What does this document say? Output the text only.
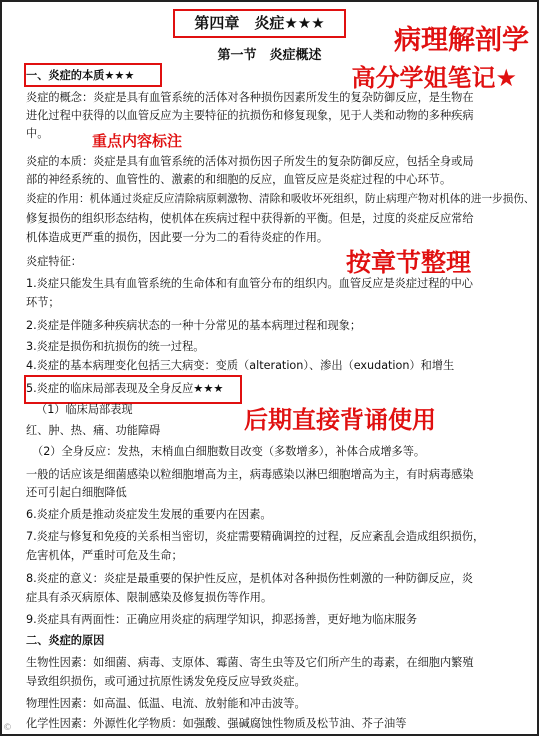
第四章　炎症★★★
第一节　炎症概述
一、炎症的本质★★★
炎症的概念：炎症是具有血管系统的活体对各种损伤因素所发生的复杂防御反应，是生物在
进化过程中获得的以血管反应为主要特征的抗损伤和修复现象，见于人类和动物的多种疾病
中。
炎症的本质：炎症是具有血管系统的活体对损伤因子所发生的复杂防御反应，包括全身或局
部的神经系统的、血管性的、激素的和细胞的反应，血管反应是炎症过程的中心环节。
炎症的作用：机体通过炎症反应清除病原刺激物、清除和吸收坏死组织，防止病理产物对机体的进一步损伤、
修复损伤的组织形态结构，使机体在疾病过程中获得新的平衡。但是，过度的炎症反应常给
机体造成更严重的损伤，因此要一分为二的看待炎症的作用。
炎症特征：
1.炎症只能发生具有血管系统的生命体和有血管分布的组织内。血管反应是炎症过程的中心
环节；
2.炎症是伴随多种疾病状态的一种十分常见的基本病理过程和现象；
3.炎症是损伤和抗损伤的统一过程。
4.炎症的基本病理变化包括三大病变：变质（alteration）、渗出（exudation）和增生
5.炎症的临床局部表现及全身反应★★★
（1）临床局部表现
红、肿、热、痛、功能障碍
（2）全身反应：发热，末梢血白细胞数目改变（多数增多），补体合成增多等。
一般的话应该是细菌感染以粒细胞增高为主，病毒感染以淋巴细胞增高为主，有时病毒感染
还可引起白细胞降低
6.炎症介质是推动炎症发生发展的重要内在因素。
7.炎症与修复和免疫的关系相当密切，炎症需要精确调控的过程，反应紊乱会造成组织损伤，
危害机体，严重时可危及生命；
8.炎症的意义：炎症是最重要的保护性反应，是机体对各种损伤性刺激的一种防御反应，炎
症具有杀灭病原体、限制感染及修复损伤等作用。
9.炎症具有两面性：正确应用炎症的病理学知识，抑恶扬善，更好地为临床服务
二、炎症的原因
生物性因素：如细菌、病毒、支原体、霉菌、寄生虫等及它们所产生的毒素，在细胞内繁殖
导致组织损伤，或可通过抗原性诱发免疫反应导致炎症。
物理性因素：如高温、低温、电流、放射能和冲击波等。
化学性因素：外源性化学物质：如强酸、强碱腐蚀性物质及松节油、芥子油等
病理解剖学
高分学姐笔记★
重点内容标注
按章节整理
后期直接背诵使用
©
